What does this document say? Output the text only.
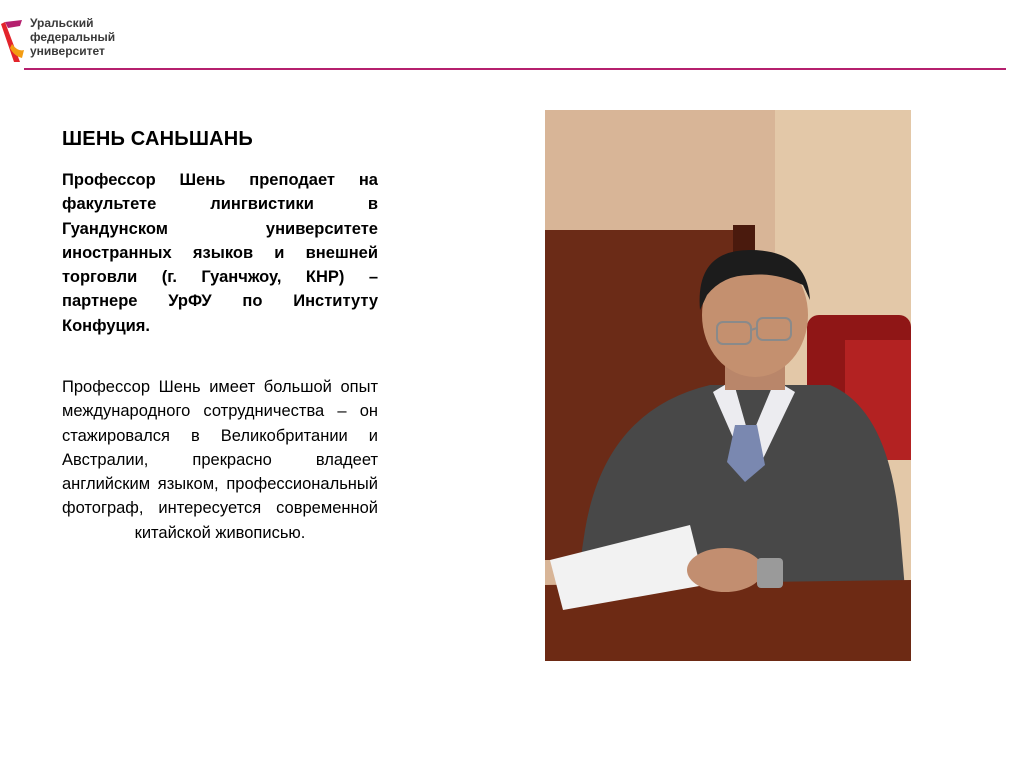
Уральский
федеральный
университет
ШЕНЬ САНЬШАНЬ

Профессор Шень преподает на факультете лингвистики в Гуандунском университете иностранных языков и внешней торговли (г. Гуанчжоу, КНР) – партнере УрФУ по Институту Конфуция.

Профессор Шень имеет большой опыт международного сотрудничества – он стажировался в Великобритании и Австралии, прекрасно владеет английским языком, профессиональный фотограф, интересуется современной китайской живописью.
